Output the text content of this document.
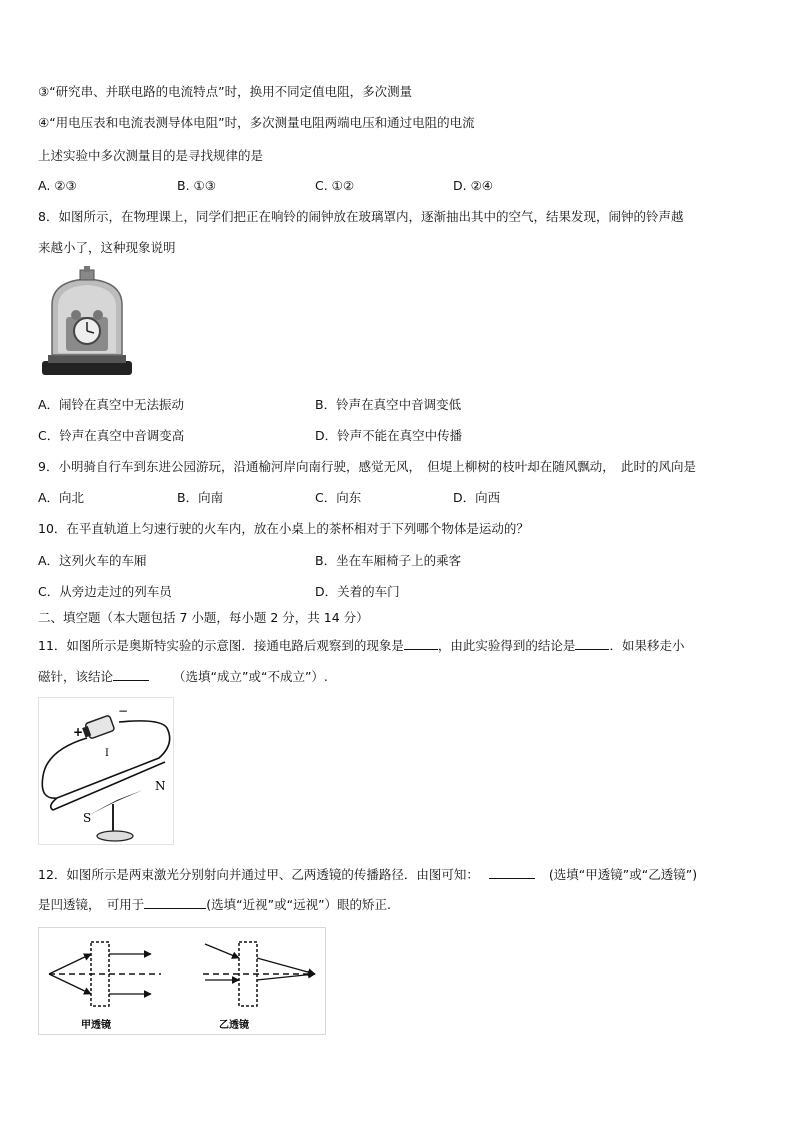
③“研究串、并联电路的电流特点”时，换用不同定值电阻，多次测量
④“用电压表和电流表测导体电阻”时，多次测量电阻两端电压和通过电阻的电流
上述实验中多次测量目的是寻找规律的是
A. ②③	B. ①③	C. ①②	D. ②④
8．如图所示，在物理课上，同学们把正在响铃的闹钟放在玻璃罩内，逐渐抽出其中的空气，结果发现，闹钟的铃声越
来越小了，这种现象说明
A．闹铃在真空中无法振动	B．铃声在真空中音调变低
C．铃声在真空中音调变高	D．铃声不能在真空中传播
9．小明骑自行车到东进公园游玩，沿通榆河岸向南行驶，感觉无风，　但堤上柳树的枝叶却在随风飘动，　此时的风向是
A．向北	B．向南	C．向东	D．向西
10．在平直轨道上匀速行驶的火车内，放在小桌上的茶杯相对于下列哪个物体是运动的？
A．这列火车的车厢	B．坐在车厢椅子上的乘客
C．从旁边走过的列车员	D．关着的车门
二、填空题（本大题包括 7 小题，每小题 2 分，共 14 分）
11．如图所示是奥斯特实验的示意图．接通电路后观察到的现象是	，由此实验得到的结论是	．如果移走小
磁针，该结论	（选填“成立”或“不成立”）.
+
−
I
N
S
12．如图所示是两束激光分别射向并通过甲、乙两透镜的传播路径．由图可知：	(选填“甲透镜”或“乙透镜”)
是凹透镜，　可用于	(选填“近视”或“远视”）眼的矫正.
甲透镜	乙透镜
